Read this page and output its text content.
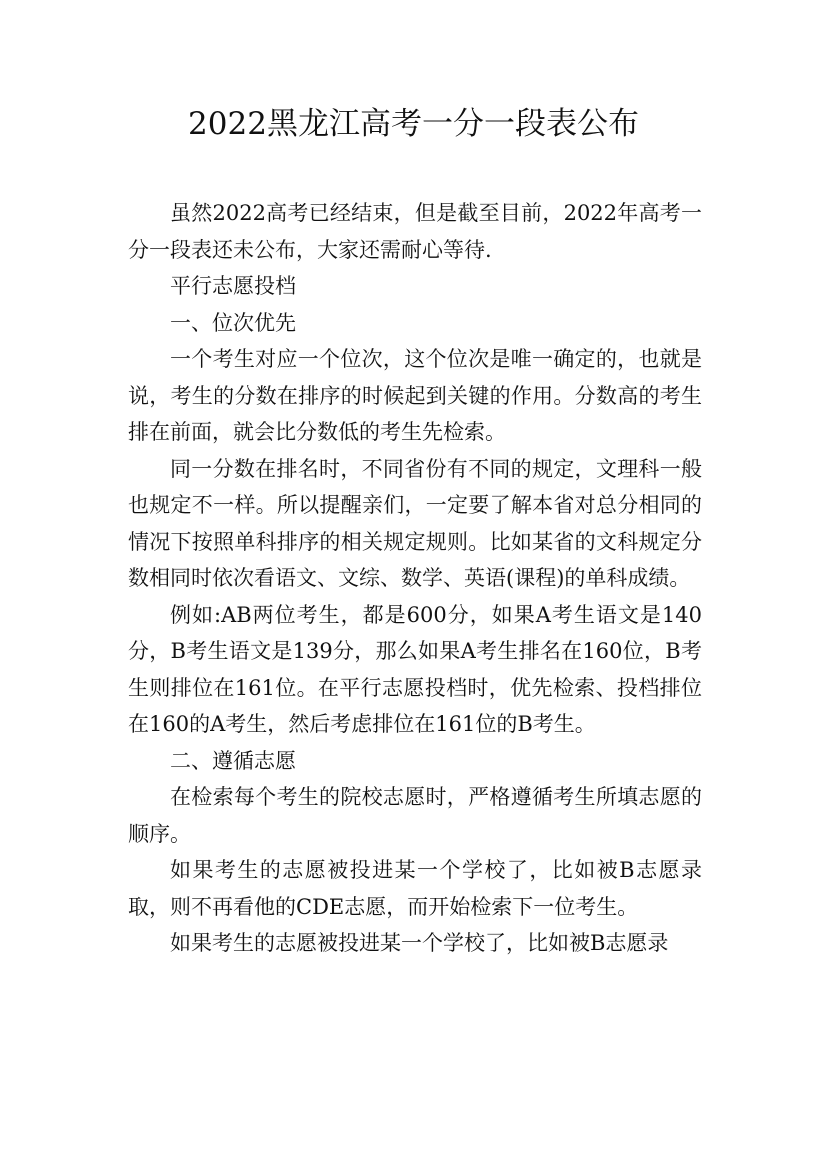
2022黑龙江高考一分一段表公布

虽然2022高考已经结束，但是截至目前，2022年高考一分一段表还未公布，大家还需耐心等待.

平行志愿投档

一、位次优先

一个考生对应一个位次，这个位次是唯一确定的，也就是说，考生的分数在排序的时候起到关键的作用。分数高的考生排在前面，就会比分数低的考生先检索。

同一分数在排名时，不同省份有不同的规定，文理科一般也规定不一样。所以提醒亲们，一定要了解本省对总分相同的情况下按照单科排序的相关规定规则。比如某省的文科规定分数相同时依次看语文、文综、数学、英语(课程)的单科成绩。

例如:AB两位考生，都是600分，如果A考生语文是140分，B考生语文是139分，那么如果A考生排名在160位，B考生则排位在161位。在平行志愿投档时，优先检索、投档排位在160的A考生，然后考虑排位在161位的B考生。

二、遵循志愿

在检索每个考生的院校志愿时，严格遵循考生所填志愿的顺序。

如果考生的志愿被投进某一个学校了，比如被B志愿录取，则不再看他的CDE志愿，而开始检索下一位考生。

如果考生的志愿被投进某一个学校了，比如被B志愿录
